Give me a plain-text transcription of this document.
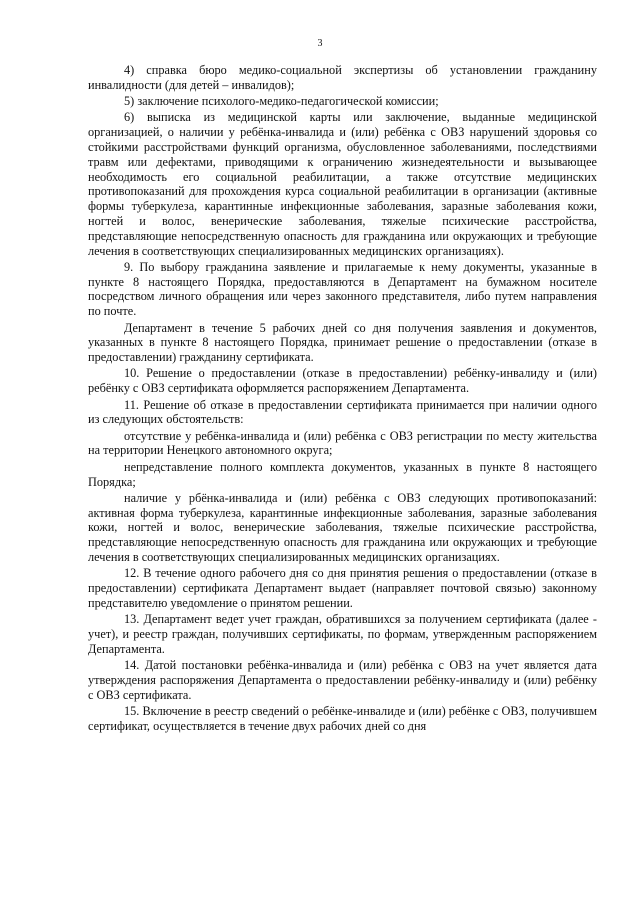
3

4) справка бюро медико-социальной экспертизы об установлении гражданину инвалидности (для детей – инвалидов);

5) заключение психолого-медико-педагогической комиссии;

6) выписка из медицинской карты или заключение, выданные медицинской организацией, о наличии у ребёнка-инвалида и (или) ребёнка с ОВЗ нарушений здоровья со стойкими расстройствами функций организма, обусловленное заболеваниями, последствиями травм или дефектами, приводящими к ограничению жизнедеятельности и вызывающее необходимость его социальной реабилитации, а также отсутствие медицинских противопоказаний для прохождения курса социальной реабилитации в организации (активные формы туберкулеза, карантинные инфекционные заболевания, заразные заболевания кожи, ногтей и волос, венерические заболевания, тяжелые психические расстройства, представляющие непосредственную опасность для гражданина или окружающих и требующие лечения в соответствующих специализированных медицинских организациях).

9. По выбору гражданина заявление и прилагаемые к нему документы, указанные в пункте 8 настоящего Порядка, предоставляются в Департамент на бумажном носителе посредством личного обращения или через законного представителя, либо путем направления по почте.

Департамент в течение 5 рабочих дней со дня получения заявления и документов, указанных в пункте 8 настоящего Порядка, принимает решение о предоставлении (отказе в предоставлении) гражданину сертификата.

10. Решение о предоставлении (отказе в предоставлении) ребёнку-инвалиду и (или) ребёнку с ОВЗ сертификата оформляется распоряжением Департамента.

11. Решение об отказе в предоставлении сертификата принимается при наличии одного из следующих обстоятельств:

отсутствие у ребёнка-инвалида и (или) ребёнка с ОВЗ регистрации по месту жительства на территории Ненецкого автономного округа;

непредставление полного комплекта документов, указанных в пункте 8 настоящего Порядка;

наличие у рбёнка-инвалида и (или) ребёнка с ОВЗ следующих противопоказаний: активная форма туберкулеза, карантинные инфекционные заболевания, заразные заболевания кожи, ногтей и волос, венерические заболевания, тяжелые психические расстройства, представляющие непосредственную опасность для гражданина или окружающих и требующие лечения в соответствующих специализированных медицинских организациях.

12. В течение одного рабочего дня со дня принятия решения о предоставлении (отказе в предоставлении) сертификата Департамент выдает (направляет почтовой связью) законному представителю уведомление о принятом решении.

13. Департамент ведет учет граждан, обратившихся за получением сертификата (далее - учет), и реестр граждан, получивших сертификаты, по формам, утвержденным распоряжением Департамента.

14. Датой постановки ребёнка-инвалида и (или) ребёнка с ОВЗ на учет является дата утверждения распоряжения Департамента о предоставлении ребёнку-инвалиду и (или) ребёнку с ОВЗ сертификата.

15. Включение в реестр сведений о ребёнке-инвалиде и (или) ребёнке с ОВЗ, получившем сертификат, осуществляется в течение двух рабочих дней со дня
